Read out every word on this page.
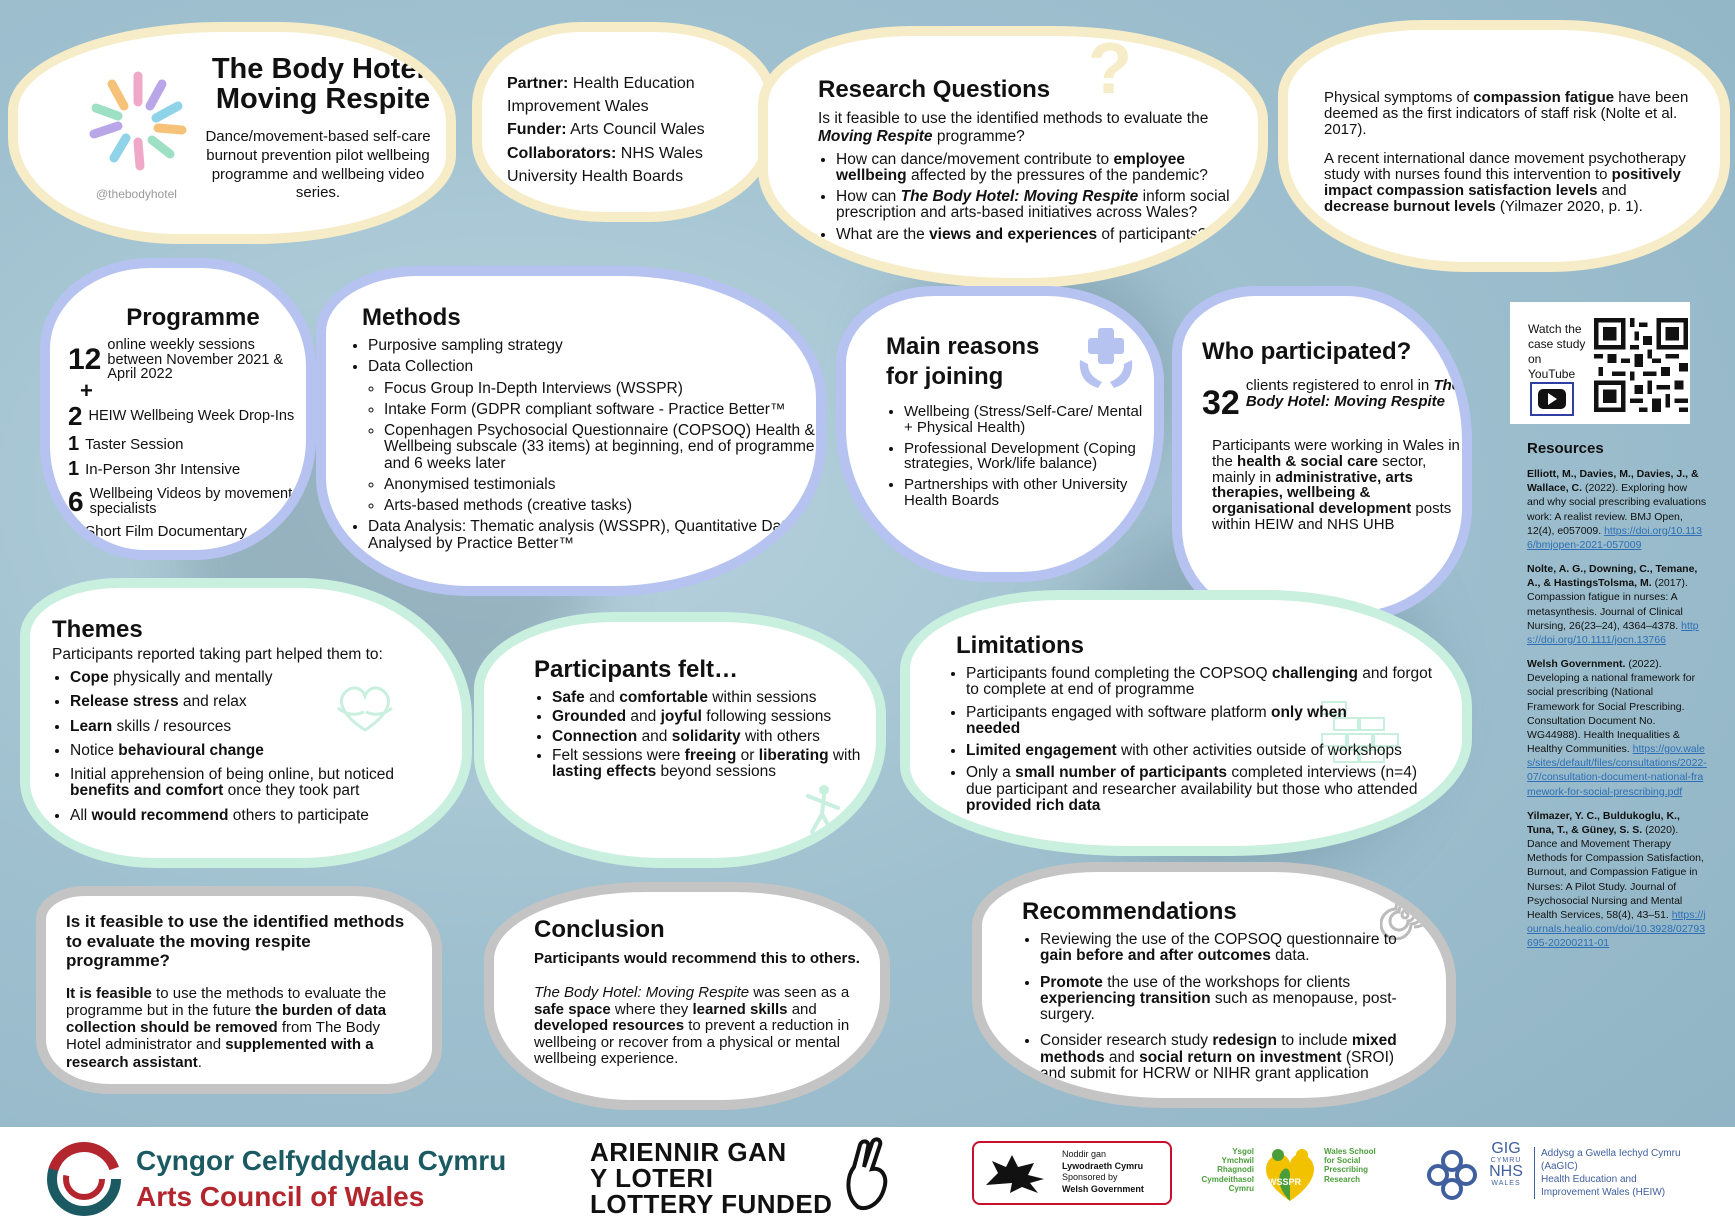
@thebodyhotel
The Body Hotel:
Moving Respite
Dance/movement-based self-care burnout prevention pilot wellbeing programme and wellbeing video series.
Partner: Health Education Improvement Wales
Funder: Arts Council Wales
Collaborators: NHS Wales University Health Boards
?
Research Questions
Is it feasible to use the identified methods to evaluate the Moving Respite programme?
• How can dance/movement contribute to employee wellbeing affected by the pressures of the pandemic?
• How can The Body Hotel: Moving Respite inform social prescription and arts-based initiatives across Wales?
• What are the views and experiences of participants?

Physical symptoms of compassion fatigue have been deemed as the first indicators of staff risk (Nolte et al. 2017).

A recent international dance movement psychotherapy study with nurses found this intervention to positively impact compassion satisfaction levels and decrease burnout levels (Yilmazer 2020, p. 1).

Programme
12 online weekly sessions between November 2021 & April 2022
+
2 HEIW Wellbeing Week Drop-Ins
1 Taster Session
1 In-Person 3hr Intensive
6 Wellbeing Videos by movement specialists
1 Short Film Documentary
Methods
• Purposive sampling strategy
• Data Collection
◦ Focus Group In-Depth Interviews (WSSPR)
◦ Intake Form (GDPR compliant software - Practice Better™
◦ Copenhagen Psychosocial Questionnaire (COPSOQ) Health & Wellbeing subscale (33 items) at beginning, end of programme and 6 weeks later
◦ Anonymised testimonials
◦ Arts-based methods (creative tasks)
• Data Analysis: Thematic analysis (WSSPR), Quantitative Data Analysed by Practice Better™
Main reasons
for joining
• Wellbeing (Stress/Self-Care/ Mental + Physical Health)
• Professional Development (Coping strategies, Work/life balance)
• Partnerships with other University Health Boards
Who participated?
32 clients registered to enrol in The Body Hotel: Moving Respite

Participants were working in Wales in the health & social care sector, mainly in administrative, arts therapies, wellbeing & organisational development posts within HEIW and NHS UHB

Watch the case study on YouTube
Resources

Elliott, M., Davies, M., Davies, J., & Wallace, C. (2022). Exploring how and why social prescribing evaluations work: A realist review. BMJ Open, 12(4), e057009. https://doi.org/10.1136/bmjopen-2021-057009

Nolte, A. G., Downing, C., Temane, A., & HastingsTolsma, M. (2017). Compassion fatigue in nurses: A metasynthesis. Journal of Clinical Nursing, 26(23–24), 4364–4378. https://doi.org/10.1111/jocn.13766

Welsh Government. (2022). Developing a national framework for social prescribing (National Framework for Social Prescribing. Consultation Document No. WG44988). Health Inequalities & Healthy Communities. https://gov.wales/sites/default/files/consultations/2022-07/consultation-document-national-framework-for-social-prescribing.pdf

Yilmazer, Y. C., Buldukoglu, K., Tuna, T., & Güney, S. S. (2020). Dance and Movement Therapy Methods for Compassion Satisfaction, Burnout, and Compassion Fatigue in Nurses: A Pilot Study. Journal of Psychosocial Nursing and Mental Health Services, 58(4), 43–51. https://journals.healio.com/doi/10.3928/02793695-20200211-01

Themes
Participants reported taking part helped them to:
• Cope physically and mentally
• Release stress and relax
• Learn skills / resources
• Notice behavioural change
• Initial apprehension of being online, but noticed benefits and comfort once they took part
• All would recommend others to participate
Participants felt…
• Safe and comfortable within sessions
• Grounded and joyful following sessions
• Connection and solidarity with others
• Felt sessions were freeing or liberating with lasting effects beyond sessions
Limitations
• Participants found completing the COPSOQ challenging and forgot to complete at end of programme
• Participants engaged with software platform only when needed
• Limited engagement with other activities outside of workshops
• Only a small number of participants completed interviews (n=4) due participant and researcher availability but those who attended provided rich data
Is it feasible to use the identified methods to evaluate the moving respite programme?

It is feasible to use the methods to evaluate the programme but in the future the burden of data collection should be removed from The Body Hotel administrator and supplemented with a research assistant.

Conclusion
Participants would recommend this to others.

The Body Hotel: Moving Respite was seen as a safe space where they learned skills and developed resources to prevent a reduction in wellbeing or recover from a physical or mental wellbeing experience.

Recommendations
• Reviewing the use of the COPSOQ questionnaire to gain before and after outcomes data.
• Promote the use of the workshops for clients experiencing transition such as menopause, post-surgery.
• Consider research study redesign to include mixed methods and social return on investment (SROI) and submit for HCRW or NIHR grant application
Cyngor Celfyddydau Cymru
Arts Council of Wales
ARIENNIR GAN
Y LOTERI
LOTTERY FUNDED
Noddir gan
Lywodraeth Cymru
Sponsored by
Welsh Government
Ysgol Ymchwil Rhagnodi Cymdeithasol Cymru
WSSPR
Wales School for Social Prescribing Research
GIG
CYMRU
NHS
WALES
Addysg a Gwella Iechyd Cymru (AaGIC)
Health Education and Improvement Wales (HEIW)
